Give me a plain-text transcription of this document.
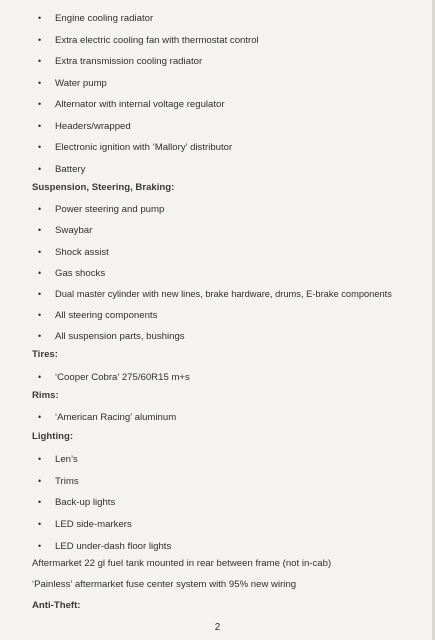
• Engine cooling radiator
• Extra electric cooling fan with thermostat control
• Extra transmission cooling radiator
• Water pump
• Alternator with internal voltage regulator
• Headers/wrapped
• Electronic ignition with ‘Mallory’ distributor
• Battery
Suspension, Steering, Braking:
• Power steering and pump
• Swaybar
• Shock assist
• Gas shocks
• Dual master cylinder with new lines, brake hardware, drums, E-brake components
• All steering components
• All suspension parts, bushings
Tires:
• ‘Cooper Cobra’ 275/60R15 m+s
Rims:
• ‘American Racing’ aluminum
Lighting:
• Len’s
• Trims
• Back-up lights
• LED side-markers
• LED under-dash floor lights
Aftermarket 22 gl fuel tank mounted in rear between frame (not in-cab)
‘Painless’ aftermarket fuse center system with 95% new wiring
Anti-Theft:
2
